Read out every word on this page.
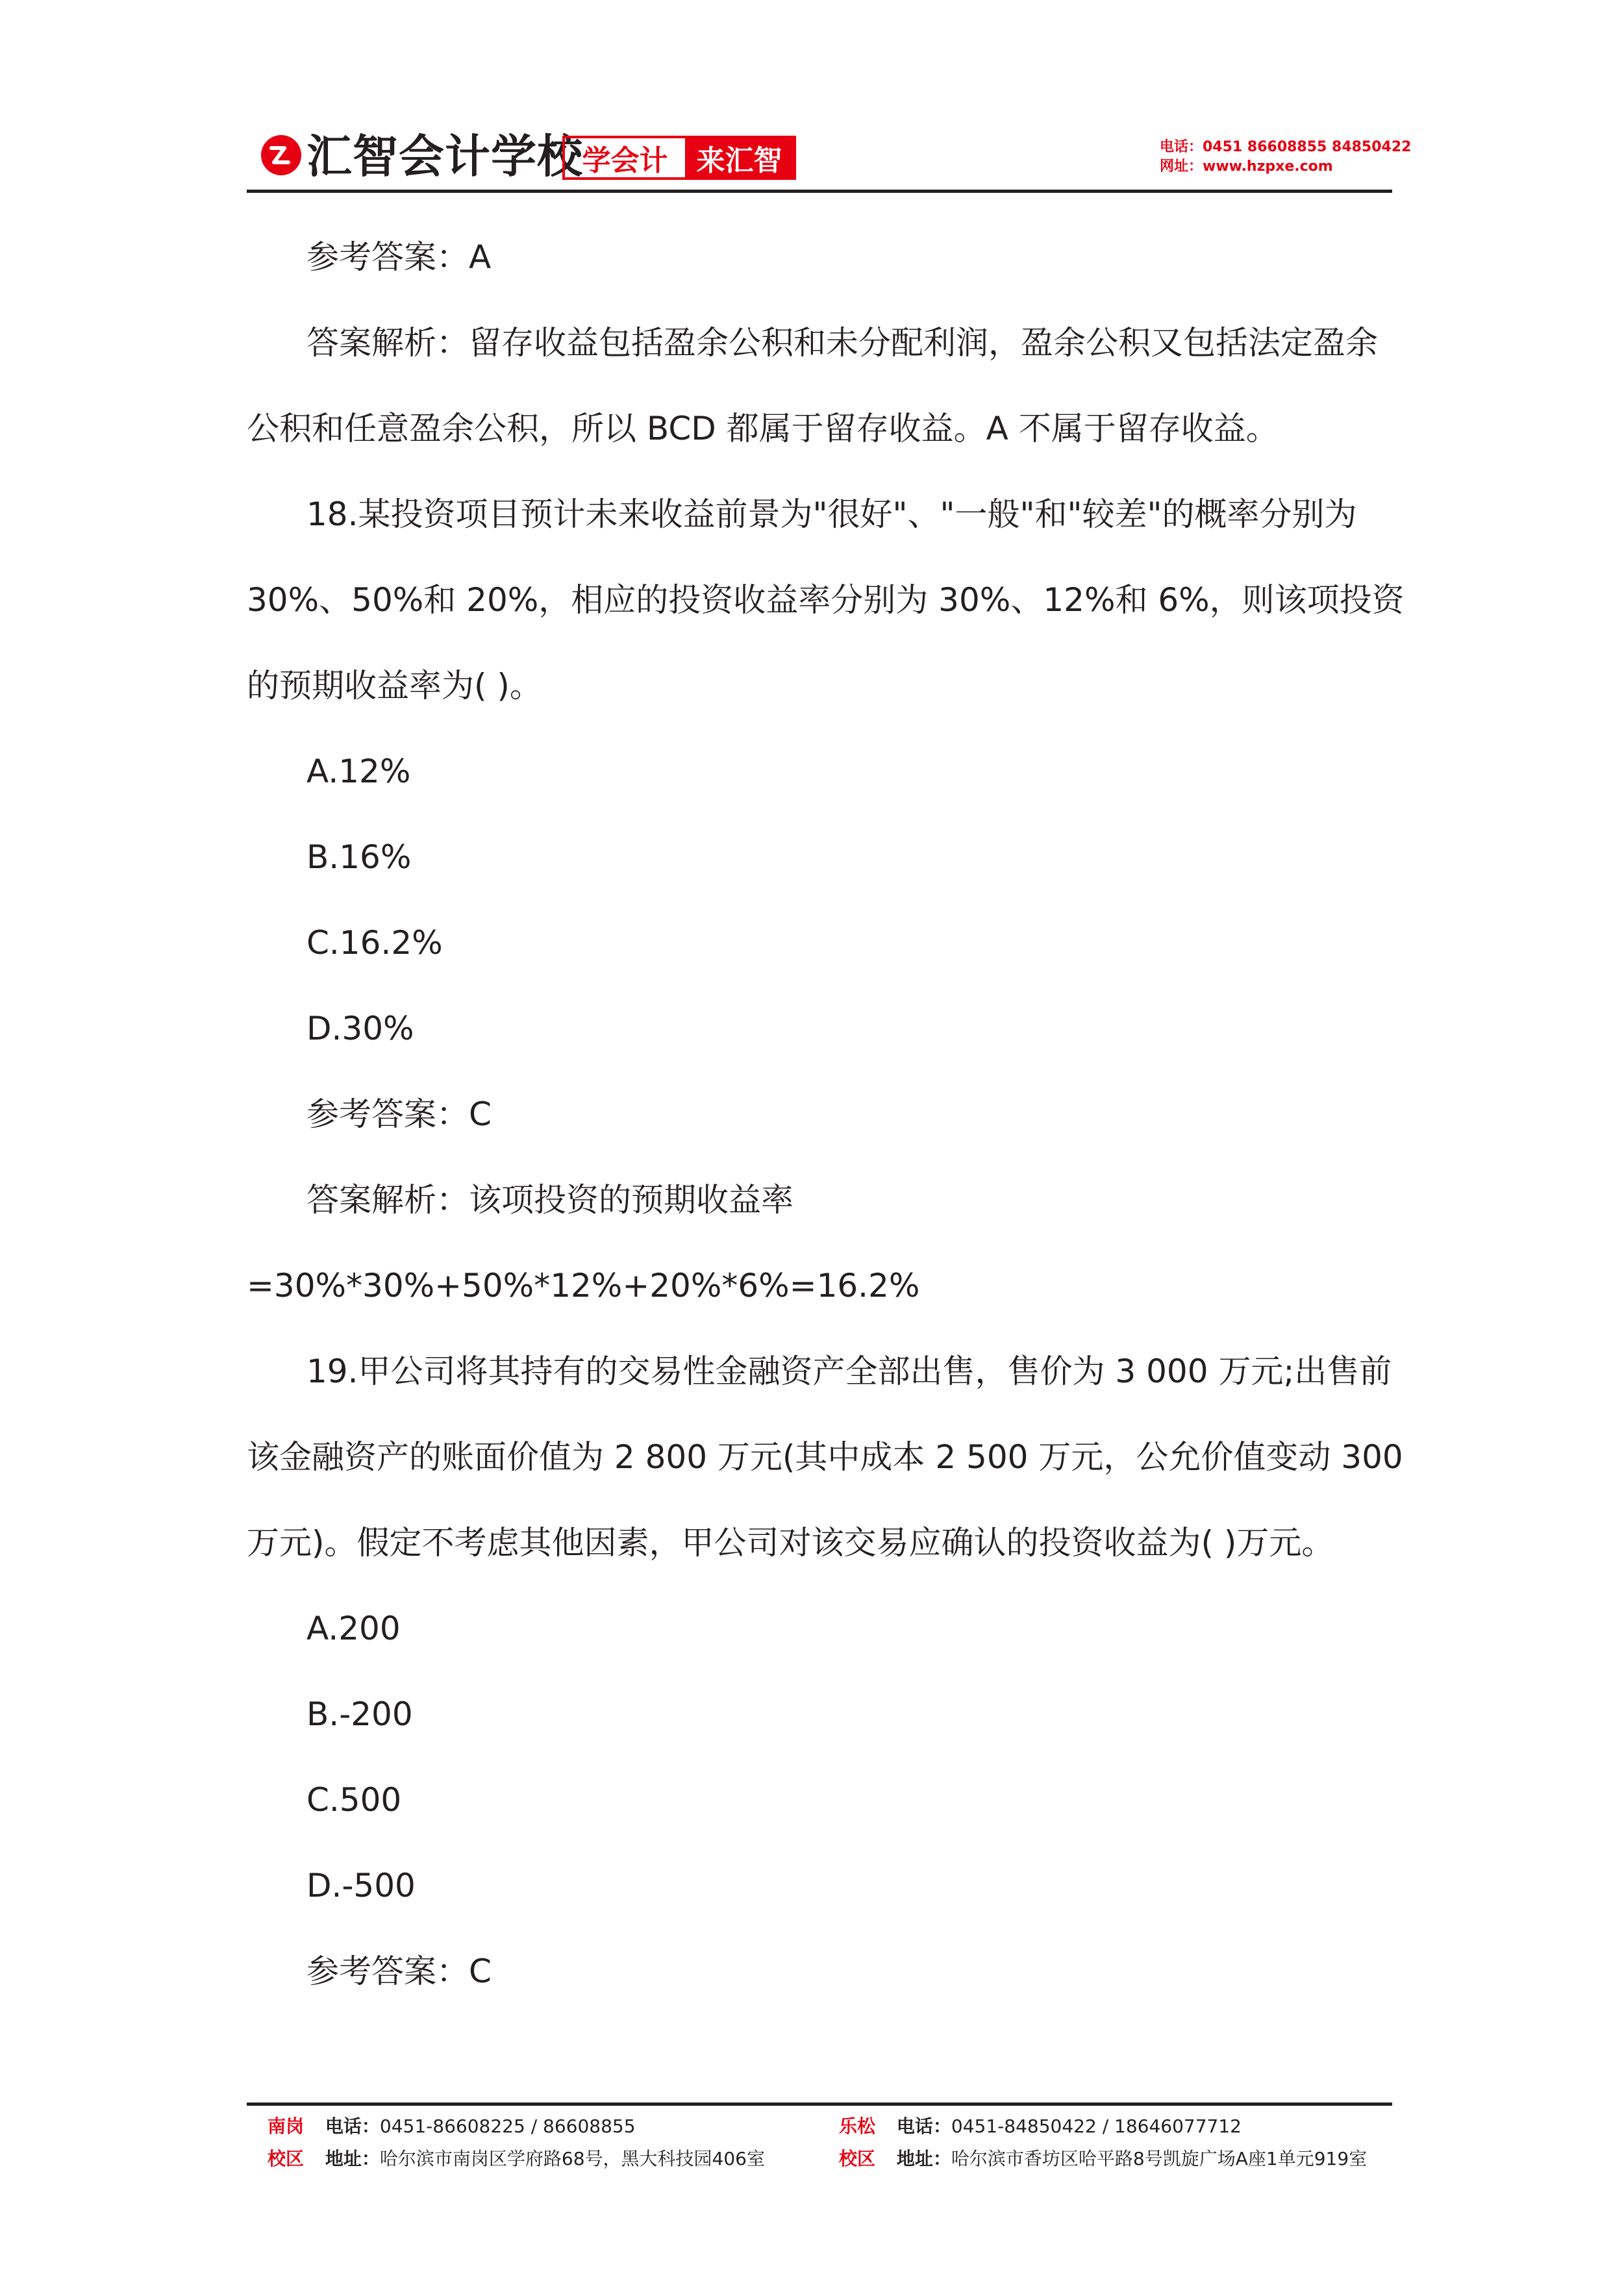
汇智会计学校
学会计	来汇智	电话：0451 86608855 84850422
网址：www.hzpxe.com
参考答案：A
答案解析：留存收益包括盈余公积和未分配利润，盈余公积又包括法定盈余
公积和任意盈余公积，所以 BCD 都属于留存收益。A 不属于留存收益。
18.某投资项目预计未来收益前景为"很好"、"一般"和"较差"的概率分别为
30%、50%和 20%，相应的投资收益率分别为 30%、12%和 6%，则该项投资
的预期收益率为( )。
A.12%
B.16%
C.16.2%
D.30%
参考答案：C
答案解析：该项投资的预期收益率
=30%*30%+50%*12%+20%*6%=16.2%
19.甲公司将其持有的交易性金融资产全部出售，售价为 3 000 万元;出售前
该金融资产的账面价值为 2 800 万元(其中成本 2 500 万元，公允价值变动 300
万元)。假定不考虑其他因素，甲公司对该交易应确认的投资收益为( )万元。
A.200
B.-200
C.500
D.-500
参考答案：C
南岗 电话：0451-86608225 / 86608855
校区 地址：哈尔滨市南岗区学府路68号，黑大科技园406室
乐松 电话：0451-84850422 / 18646077712
校区 地址：哈尔滨市香坊区哈平路8号凯旋广场A座1单元919室
